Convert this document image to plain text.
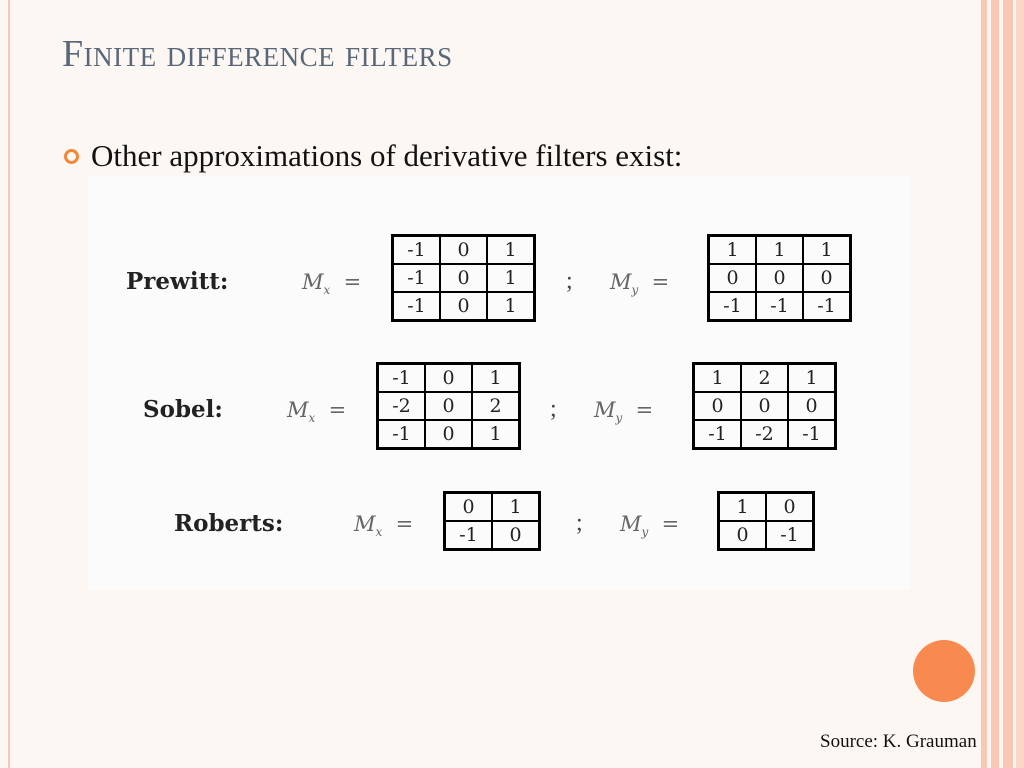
Finite difference filters
Other approximations of derivative filters exist:
Prewitt:	$M_x$ =
-1	0	1
-1	0	1
-1	0	1
; $M_y$ =
1	1	1
0	0	0
-1	-1	-1
Sobel:	$M_x$ =
-1	0	1
-2	0	2
-1	0	1
; $M_y$ =
1	2	1
0	0	0
-1	-2	-1
Roberts:	$M_x$ =
0	1
-1	0 ; $M_y$ =
1	0
0	-1
Source: K. Grauman
